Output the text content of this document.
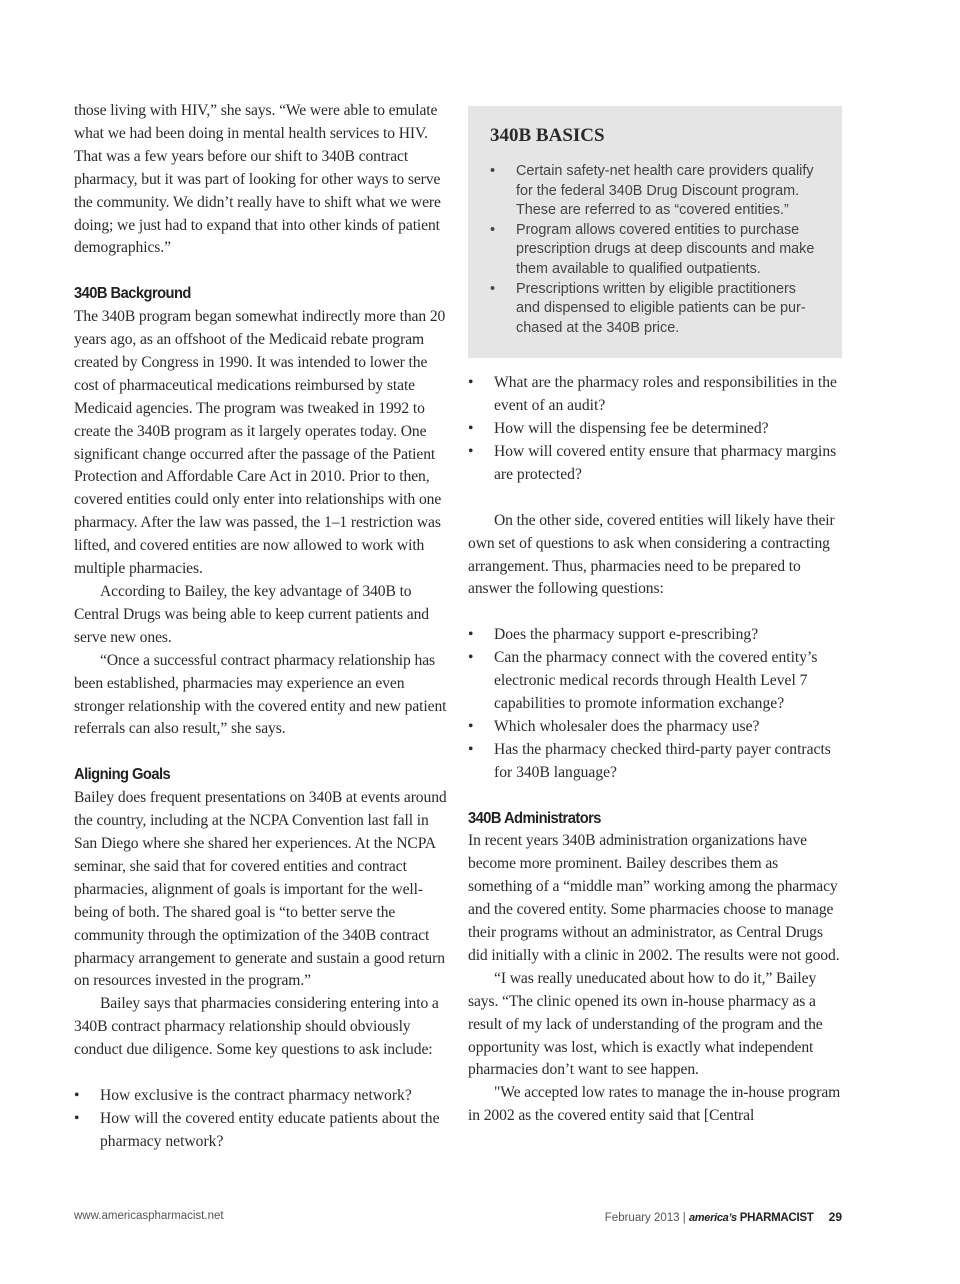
those living with HIV,” she says. “We were able to emulate what we had been doing in mental health services to HIV. That was a few years before our shift to 340B contract pharmacy, but it was part of looking for other ways to serve the community. We didn’t really have to shift what we were doing; we just had to expand that into other kinds of patient demographics.”

340B Background

The 340B program began somewhat indirectly more than 20 years ago, as an offshoot of the Medicaid rebate program created by Congress in 1990. It was intended to lower the cost of pharmaceutical medications reimbursed by state Medicaid agencies. The program was tweaked in 1992 to create the 340B program as it largely operates today. One significant change occurred after the passage of the Patient Protection and Affordable Care Act in 2010. Prior to then, covered entities could only enter into relationships with one pharmacy. After the law was passed, the 1–1 restriction was lifted, and covered entities are now allowed to work with multiple pharmacies.

According to Bailey, the key advantage of 340B to Central Drugs was being able to keep current patients and serve new ones.

“Once a successful contract pharmacy relationship has been established, pharmacies may experience an even stronger relationship with the covered entity and new patient referrals can also result,” she says.

Aligning Goals

Bailey does frequent presentations on 340B at events around the country, including at the NCPA Convention last fall in San Diego where she shared her experiences. At the NCPA seminar, she said that for covered entities and contract pharmacies, alignment of goals is important for the well-being of both. The shared goal is “to better serve the community through the optimization of the 340B contract pharmacy arrangement to generate and sustain a good return on resources invested in the program.”

Bailey says that pharmacies considering entering into a 340B contract pharmacy relationship should obviously conduct due diligence. Some key questions to ask include:

• How exclusive is the contract pharmacy network?
• How will the covered entity educate patients about the pharmacy network?
340B BASICS
• Certain safety-net health care providers qualify for the federal 340B Drug Discount program. These are referred to as “covered entities.”
• Program allows covered entities to purchase prescription drugs at deep discounts and make them available to qualified outpatients.
• Prescriptions written by eligible practitioners and dispensed to eligible patients can be pur-chased at the 340B price.
• What are the pharmacy roles and responsibilities in the event of an audit?
• How will the dispensing fee be determined?
• How will covered entity ensure that pharmacy margins are protected?

On the other side, covered entities will likely have their own set of questions to ask when considering a contracting arrangement. Thus, pharmacies need to be prepared to answer the following questions:

• Does the pharmacy support e-prescribing?
• Can the pharmacy connect with the covered entity’s electronic medical records through Health Level 7 capabilities to promote information exchange?
• Which wholesaler does the pharmacy use?
• Has the pharmacy checked third-party payer contracts for 340B language?
340B Administrators

In recent years 340B administration organizations have become more prominent. Bailey describes them as something of a “middle man” working among the pharmacy and the covered entity. Some pharmacies choose to manage their programs without an administrator, as Central Drugs did initially with a clinic in 2002. The results were not good.

“I was really uneducated about how to do it,” Bailey says. “The clinic opened its own in-house pharmacy as a result of my lack of understanding of the program and the opportunity was lost, which is exactly what independent pharmacies don’t want to see happen.

"We accepted low rates to manage the in-house program in 2002 as the covered entity said that [Central

www.americaspharmacist.net	February 2013 | america’s PHARMACIST 29
